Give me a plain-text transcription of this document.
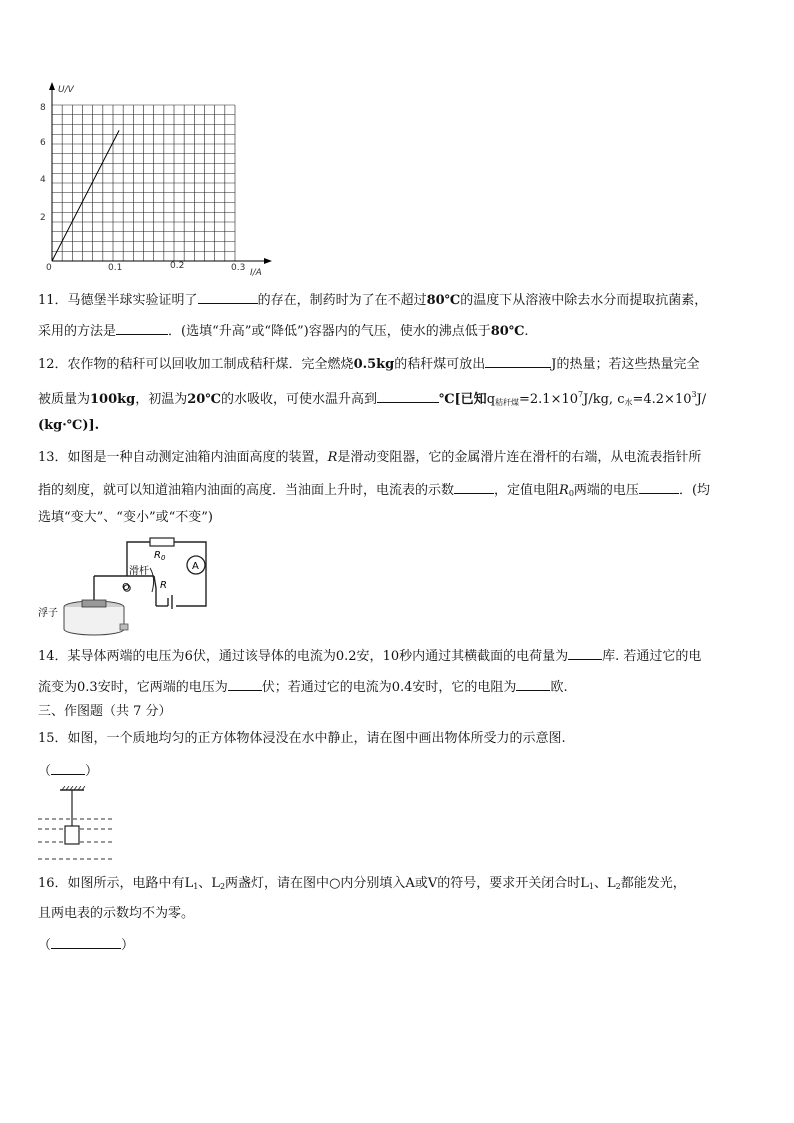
U/V
I/A
8
6
4
2
0	0.1	0.2	0.3
11．马德堡半球实验证明了	的存在，制药时为了在不超过80℃的温度下从溶液中除去水分而提取抗菌素，
采用的方法是	．(选填“升高”或“降低”)容器内的气压，使水的沸点低于80℃.
12．农作物的秸秆可以回收加工制成秸秆煤．完全燃烧0.5kg的秸秆煤可放出	J的热量；若这些热量完全
被质量为100kg，初温为20℃的水吸收，可使水温升高到	℃[已知$q_{秸秆煤}=2.1\times 10^7J/kg$, $c_水=4.2\times 10^3J/$
(kg·℃)].
13．如图是一种自动测定油箱内油面高度的装置，R是滑动变阻器，它的金属滑片连在滑杆的右端，从电流表指针所
指的刻度，就可以知道油箱内油面的高度．当油面上升时，电流表的示数	，定值电阻$R_0$两端的电压	．(均
选填“变大”、“变小”或“不变”)
$R_0$
A
R
滑杆
O
浮子
14．某导体两端的电压为6伏，通过该导体的电流为0.2安，10秒内通过其横截面的电荷量为	库. 若通过它的电
流变为0.3安时，它两端的电压为	伏；若通过它的电流为0.4安时，它的电阻为	欧.
三、作图题（共 7 分）
15．如图，一个质地均匀的正方体物体浸没在水中静止，请在图中画出物体所受力的示意图.
（	）
16．如图所示，电路中有$L_1$、$L_2$两盏灯，请在图中○内分别填入A或V的符号，要求开关闭合时$L_1$、$L_2$都能发光，
且两电表的示数均不为零。
（	）
